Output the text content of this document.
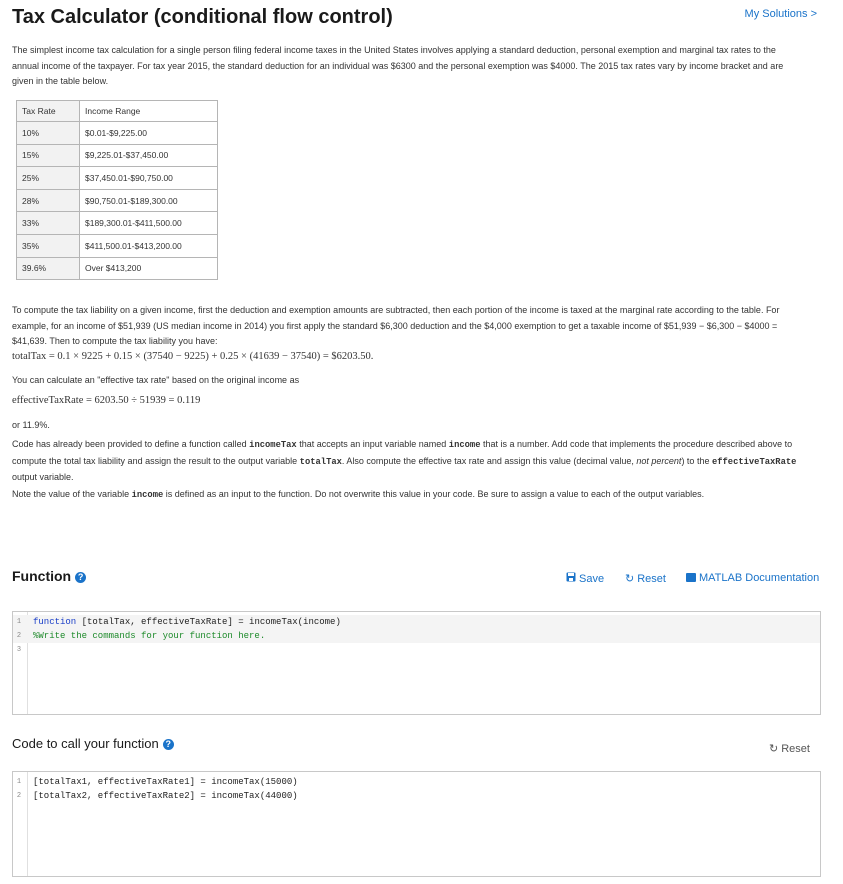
Tax Calculator (conditional flow control)	My Solutions >

The simplest income tax calculation for a single person filing federal income taxes in the United States involves applying a standard deduction, personal exemption and marginal tax rates to the annual income of the taxpayer. For tax year 2015, the standard deduction for an individual was $6300 and the personal exemption was $4000. The 2015 tax rates vary by income bracket and are given in the table below.

Tax Rate	Income Range
10%	$0.01-$9,225.00
15%	$9,225.01-$37,450.00
25%	$37,450.01-$90,750.00
28%	$90,750.01-$189,300.00
33%	$189,300.01-$411,500.00
35%	$411,500.01-$413,200.00
39.6%	Over $413,200

To compute the tax liability on a given income, first the deduction and exemption amounts are subtracted, then each portion of the income is taxed at the marginal rate according to the table. For example, for an income of $51,939 (US median income in 2014) you first apply the standard $6,300 deduction and the $4,000 exemption to get a taxable income of $51,939 − $6,300 − $4000 = $41,639. Then to compute the tax liability you have:

totalTax = 0.1 × 9225 + 0.15 × (37540 − 9225) + 0.25 × (41639 − 37540) = $6203.50.

You can calculate an "effective tax rate" based on the original income as

effectiveTaxRate = 6203.50 ÷ 51939 = 0.119

or 11.9%.

Code has already been provided to define a function called incomeTax that accepts an input variable named income that is a number. Add code that implements the procedure described above to compute the total tax liability and assign the result to the output variable totalTax. Also compute the effective tax rate and assign this value (decimal value, not percent) to the effectiveTaxRate output variable.

Note the value of the variable income is defined as an input to the function. Do not overwrite this value in your code. Be sure to assign a value to each of the output variables.

Function ?	Save ↻ Reset	MATLAB Documentation
1	function [totalTax, effectiveTaxRate] = incomeTax(income)
2	%Write the commands for your function here.
3
Code to call your function ?	↻ Reset
1	[totalTax1, effectiveTaxRate1] = incomeTax(15000)
2	[totalTax2, effectiveTaxRate2] = incomeTax(44000)
